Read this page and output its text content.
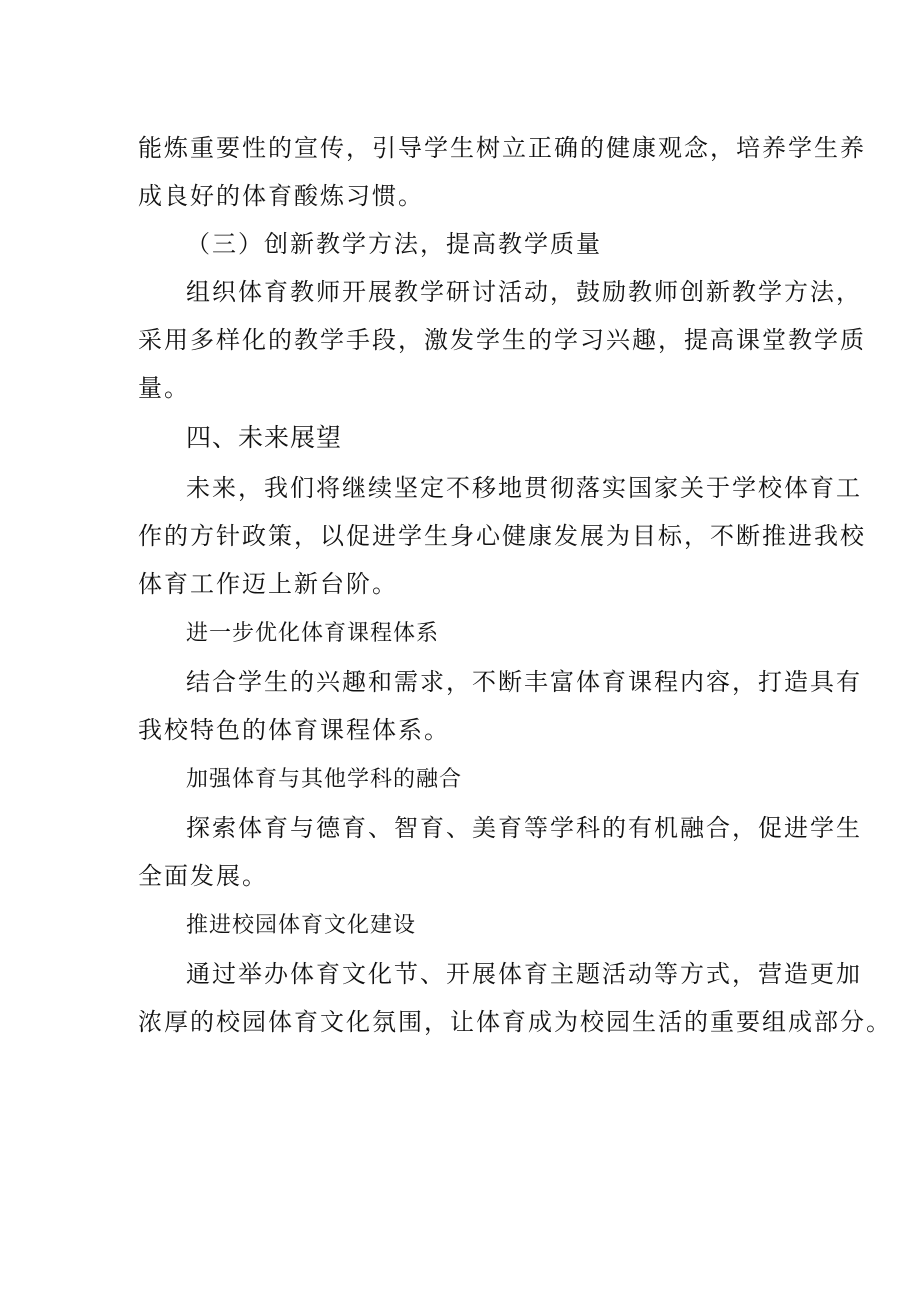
能炼重要性的宣传，引导学生树立正确的健康观念，培养学生养
成良好的体育酸炼习惯。
（三）创新教学方法，提高教学质量
组织体育教师开展教学研讨活动，鼓励教师创新教学方法，
采用多样化的教学手段，激发学生的学习兴趣，提高课堂教学质
量。
四、未来展望
未来，我们将继续坚定不移地贯彻落实国家关于学校体育工
作的方针政策，以促进学生身心健康发展为目标，不断推进我校
体育工作迈上新台阶。
进一步优化体育课程体系
结合学生的兴趣和需求，不断丰富体育课程内容，打造具有
我校特色的体育课程体系。
加强体育与其他学科的融合
探索体育与德育、智育、美育等学科的有机融合，促进学生
全面发展。
推进校园体育文化建设
通过举办体育文化节、开展体育主题活动等方式，营造更加
浓厚的校园体育文化氛围，让体育成为校园生活的重要组成部分。
